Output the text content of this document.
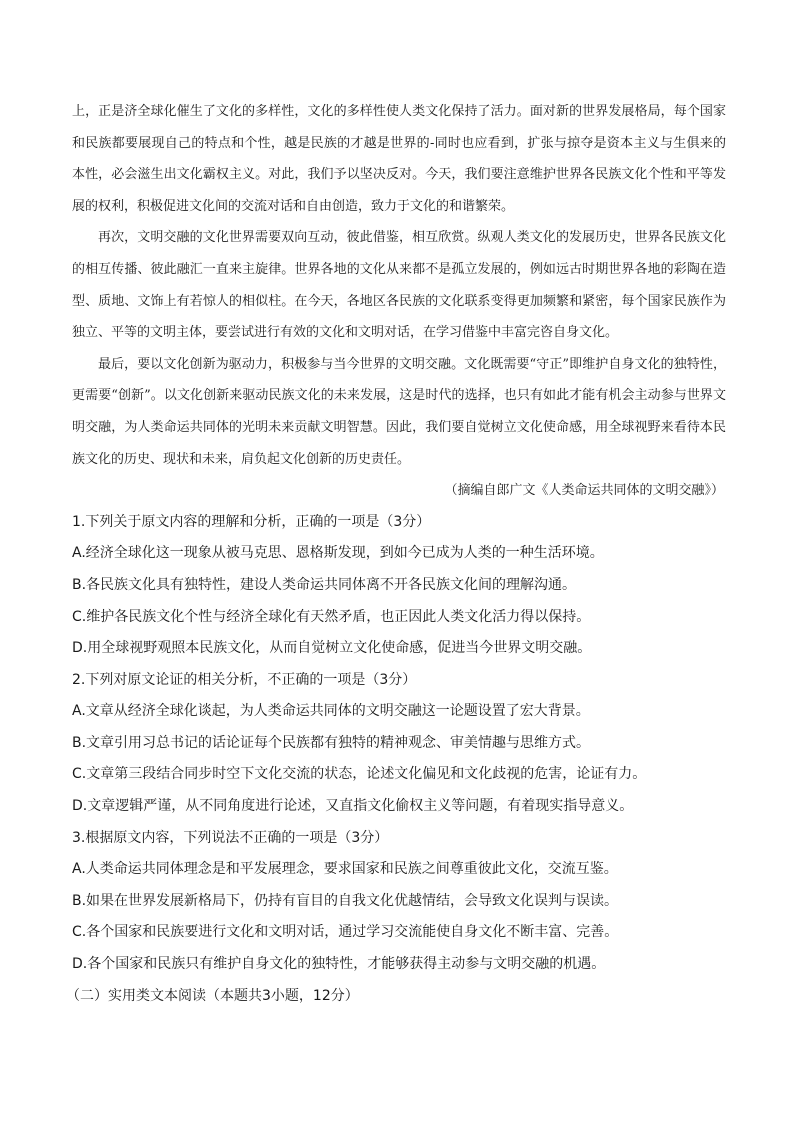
上，正是济全球化催生了文化的多样性，文化的多样性使人类文化保持了活力。面对新的世界发展格局，每个国家和民族都要展现自己的特点和个性，越是民族的才越是世界的-同时也应看到，扩张与掠夺是资本主义与生俱来的本性，必会滋生出文化霸权主义。对此，我们予以坚决反对。今天，我们要注意维护世界各民族文化个性和平等发展的权利，积极促进文化间的交流对话和自由创造，致力于文化的和谐繁荣。

再次，文明交融的文化世界需要双向互动，彼此借鉴，相互欣赏。纵观人类文化的发展历史，世界各民族文化的相互传播、彼此融汇一直来主旋律。世界各地的文化从来都不是孤立发展的，例如远古时期世界各地的彩陶在造型、质地、文饰上有若惊人的相似柱。在今天，各地区各民族的文化联系变得更加频繁和紧密，每个国家民族作为独立、平等的文明主体，要尝试进行有效的文化和文明对话，在学习借鉴中丰富完咨自身文化。

最后，要以文化创新为驱动力，积极参与当今世界的文明交融。文化既需要“守正”即维护自身文化的独特性，更需要“创新”。以文化创新来驱动民族文化的未来发展，这是时代的选择，也只有如此才能有机会主动参与世界文明交融，为人类命运共同体的光明未来贡献文明智慧。因此，我们要自觉树立文化使命感，用全球视野来看待本民族文化的历史、现状和未来，肩负起文化创新的历史责任。

（摘编自郎广文《人类命运共同体的文明交融》）
1.下列关于原文内容的理解和分析，正确的一项是（3分）
A.经济全球化这一现象从被马克思、恩格斯发现，到如今已成为人类的一种生活环境。
B.各民族文化具有独特性，建设人类命运共同体离不开各民族文化间的理解沟通。
C.维护各民族文化个性与经济全球化有天然矛盾，也正因此人类文化活力得以保持。
D.用全球视野观照本民族文化，从而自觉树立文化使命感，促进当今世界文明交融。
2.下列对原文论证的相关分析，不正确的一项是（3分）
A.文章从经济全球化谈起，为人类命运共同体的文明交融这一论题设置了宏大背景。
B.文章引用习总书记的话论证每个民族都有独特的精神观念、审美情趣与思维方式。
C.文章第三段结合同步时空下文化交流的状态，论述文化偏见和文化歧视的危害，论证有力。
D.文章逻辑严谨，从不同角度进行论述，又直指文化偷权主义等问题，有着现实指导意义。
3.根据原文内容，下列说法不正确的一项是（3分）
A.人类命运共同体理念是和平发展理念，要求国家和民族之间尊重彼此文化，交流互鉴。
B.如果在世界发展新格局下，仍持有盲目的自我文化优越情结，会导致文化误判与误读。
C.各个国家和民族要进行文化和文明对话，通过学习交流能使自身文化不断丰富、完善。
D.各个国家和民族只有维护自身文化的独特性，才能够获得主动参与文明交融的机遇。
（二）实用类文本阅读（本题共3小题，12分）
